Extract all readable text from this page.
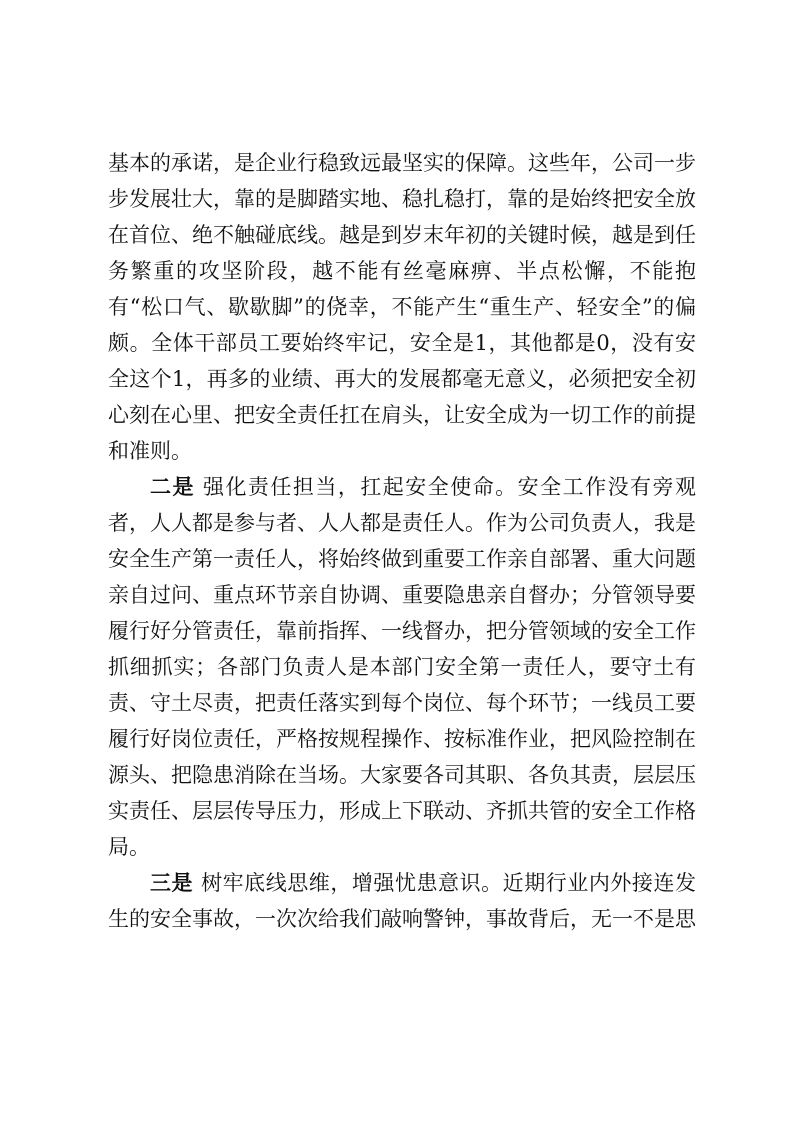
基本的承诺，是企业行稳致远最坚实的保障。这些年，公司一步步发展壮大，靠的是脚踏实地、稳扎稳打，靠的是始终把安全放在首位、绝不触碰底线。越是到岁末年初的关键时候，越是到任务繁重的攻坚阶段，越不能有丝毫麻痹、半点松懈，不能抱有“松口气、歇歇脚”的侥幸，不能产生“重生产、轻安全”的偏颇。全体干部员工要始终牢记，安全是1，其他都是0，没有安全这个1，再多的业绩、再大的发展都毫无意义，必须把安全初心刻在心里、把安全责任扛在肩头，让安全成为一切工作的前提和准则。

二是 强化责任担当，扛起安全使命。安全工作没有旁观者，人人都是参与者、人人都是责任人。作为公司负责人，我是安全生产第一责任人，将始终做到重要工作亲自部署、重大问题亲自过问、重点环节亲自协调、重要隐患亲自督办；分管领导要履行好分管责任，靠前指挥、一线督办，把分管领域的安全工作抓细抓实；各部门负责人是本部门安全第一责任人，要守土有责、守土尽责，把责任落实到每个岗位、每个环节；一线员工要履行好岗位责任，严格按规程操作、按标准作业，把风险控制在源头、把隐患消除在当场。大家要各司其职、各负其责，层层压实责任、层层传导压力，形成上下联动、齐抓共管的安全工作格局。

三是 树牢底线思维，增强忧患意识。近期行业内外接连发生的安全事故，一次次给我们敲响警钟，事故背后，无一不是思
